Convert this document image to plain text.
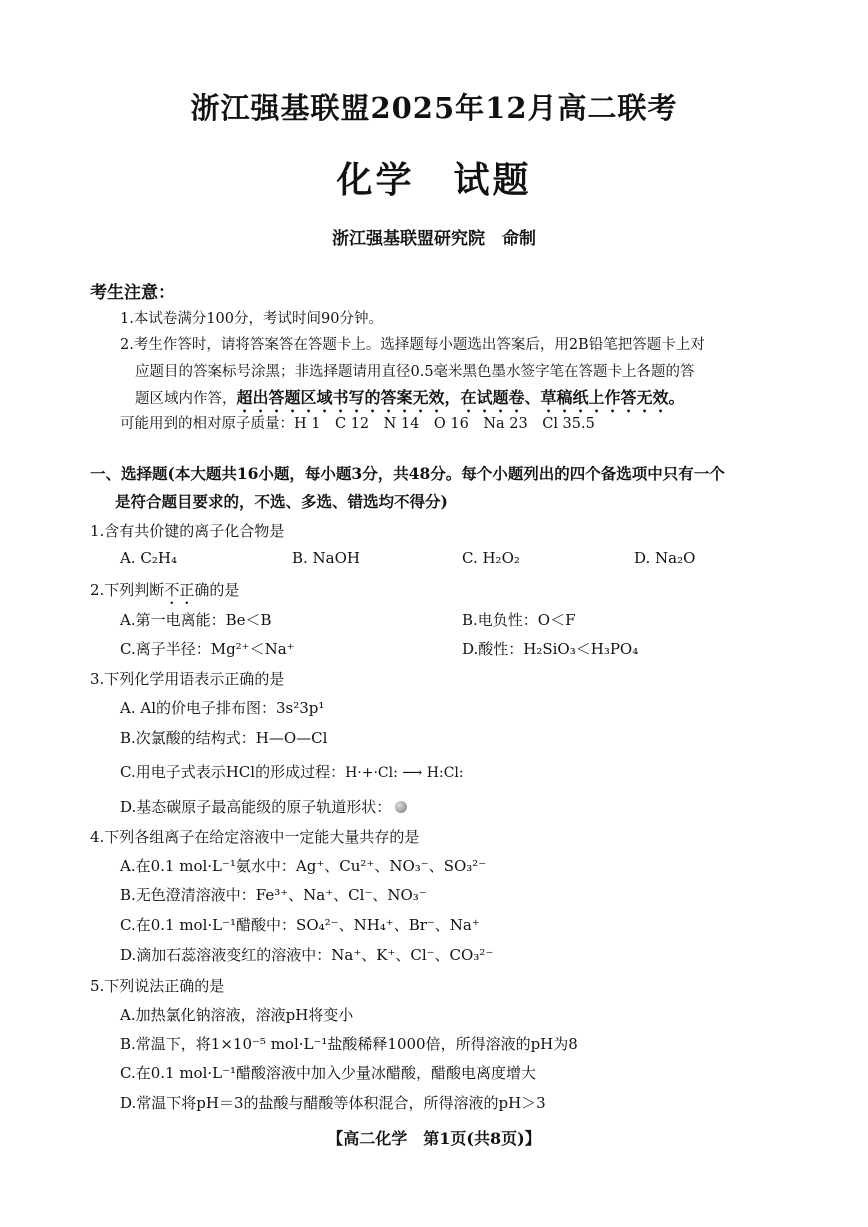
浙江强基联盟2025年12月高二联考
化学　试题
浙江强基联盟研究院　命制
考生注意：
1.本试卷满分100分，考试时间90分钟。
2.考生作答时，请将答案答在答题卡上。选择题每小题选出答案后，用2B铅笔把答题卡上对
应题目的答案标号涂黑；非选择题请用直径0.5毫米黑色墨水签字笔在答题卡上各题的答
题区域内作答，超出答题区域书写的答案无效，在试题卷、草稿纸上作答无效。
可能用到的相对原子质量：H 1　C 12　N 14　O 16　Na 23　Cl 35.5
一、选择题(本大题共16小题，每小题3分，共48分。每个小题列出的四个备选项中只有一个
是符合题目要求的，不选、多选、错选均不得分)
1.含有共价键的离子化合物是
A. C₂H₄	B. NaOH	C. H₂O₂	D. Na₂O
2.下列判断不正确的是
A.第一电离能：Be＜B	B.电负性：O＜F
C.离子半径：Mg²⁺＜Na⁺	D.酸性：H₂SiO₃＜H₃PO₄
3.下列化学用语表示正确的是
A. Al的价电子排布图：3s²3p¹
B.次氯酸的结构式：H—O—Cl
C.用电子式表示HCl的形成过程：H·+·Cl: ⟶ H:Cl:
D.基态碳原子最高能级的原子轨道形状：
4.下列各组离子在给定溶液中一定能大量共存的是
A.在0.1 mol·L⁻¹氨水中：Ag⁺、Cu²⁺、NO₃⁻、SO₃²⁻
B.无色澄清溶液中：Fe³⁺、Na⁺、Cl⁻、NO₃⁻
C.在0.1 mol·L⁻¹醋酸中：SO₄²⁻、NH₄⁺、Br⁻、Na⁺
D.滴加石蕊溶液变红的溶液中：Na⁺、K⁺、Cl⁻、CO₃²⁻
5.下列说法正确的是
A.加热氯化钠溶液，溶液pH将变小
B.常温下，将1×10⁻⁵ mol·L⁻¹盐酸稀释1000倍，所得溶液的pH为8
C.在0.1 mol·L⁻¹醋酸溶液中加入少量冰醋酸，醋酸电离度增大
D.常温下将pH＝3的盐酸与醋酸等体积混合，所得溶液的pH＞3
【高二化学　第1页(共8页)】
